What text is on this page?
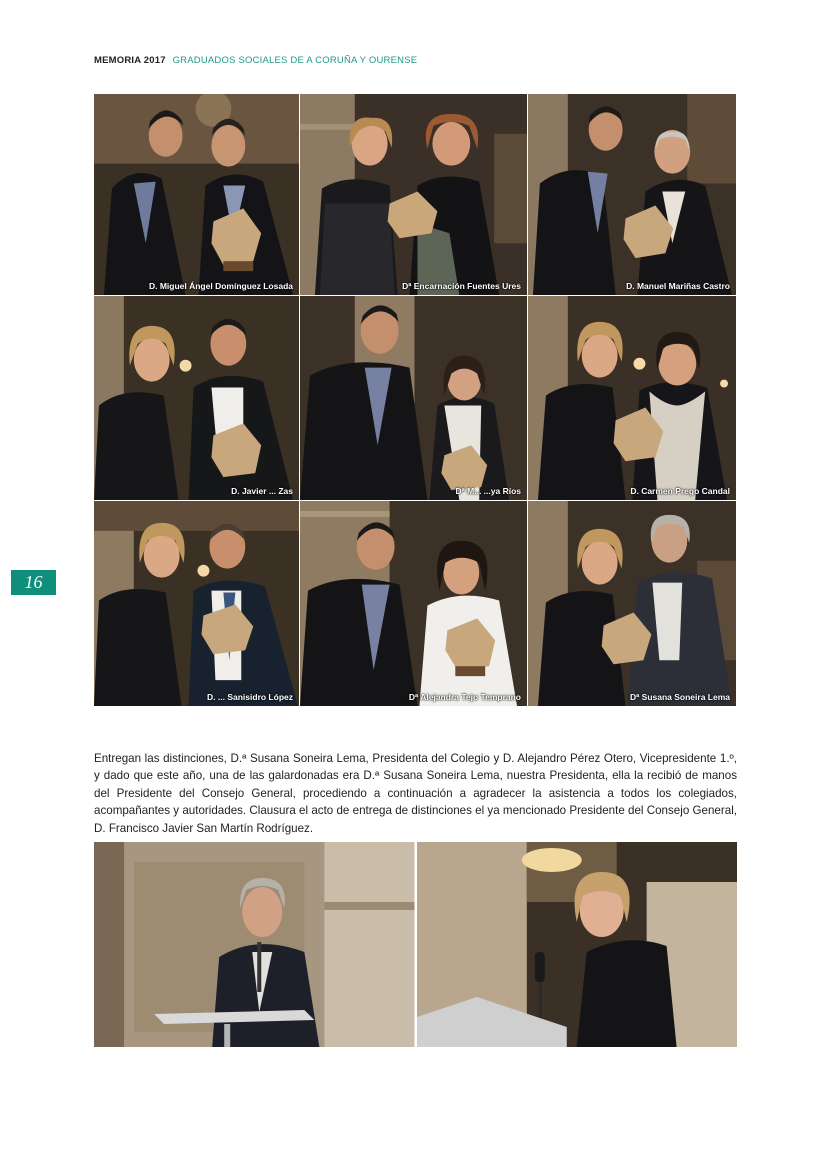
MEMORIA 2017 GRADUADOS SOCIALES DE A CORUÑA Y OURENSE
16
D. Miguel Ángel Domínguez Losada	Dª Encarnación Fuentes Ures	D. Manuel Mariñas Castro
D. Javier ... Zas	Dª M... ...ya Ríos	D. Carmen Prego Candal
D. ... Sanisidro López	Dª Alejandra Tejo Temprano	Dª Susana Soneira Lema

Entregan las distinciones, D.ª Susana Soneira Lema, Presidenta del Colegio y D. Alejandro Pérez Otero, Vicepresidente 1.º, y dado que este año, una de las galardonadas era D.ª Susana Soneira Lema, nuestra Presidenta, ella la recibió de manos del Presidente del Consejo General, procediendo a continuación a agradecer la asistencia a todos los colegiados, acompañantes y autoridades. Clausura el acto de entrega de distinciones el ya mencionado Presidente del Consejo General, D. Francisco Javier San Martín Rodríguez.
